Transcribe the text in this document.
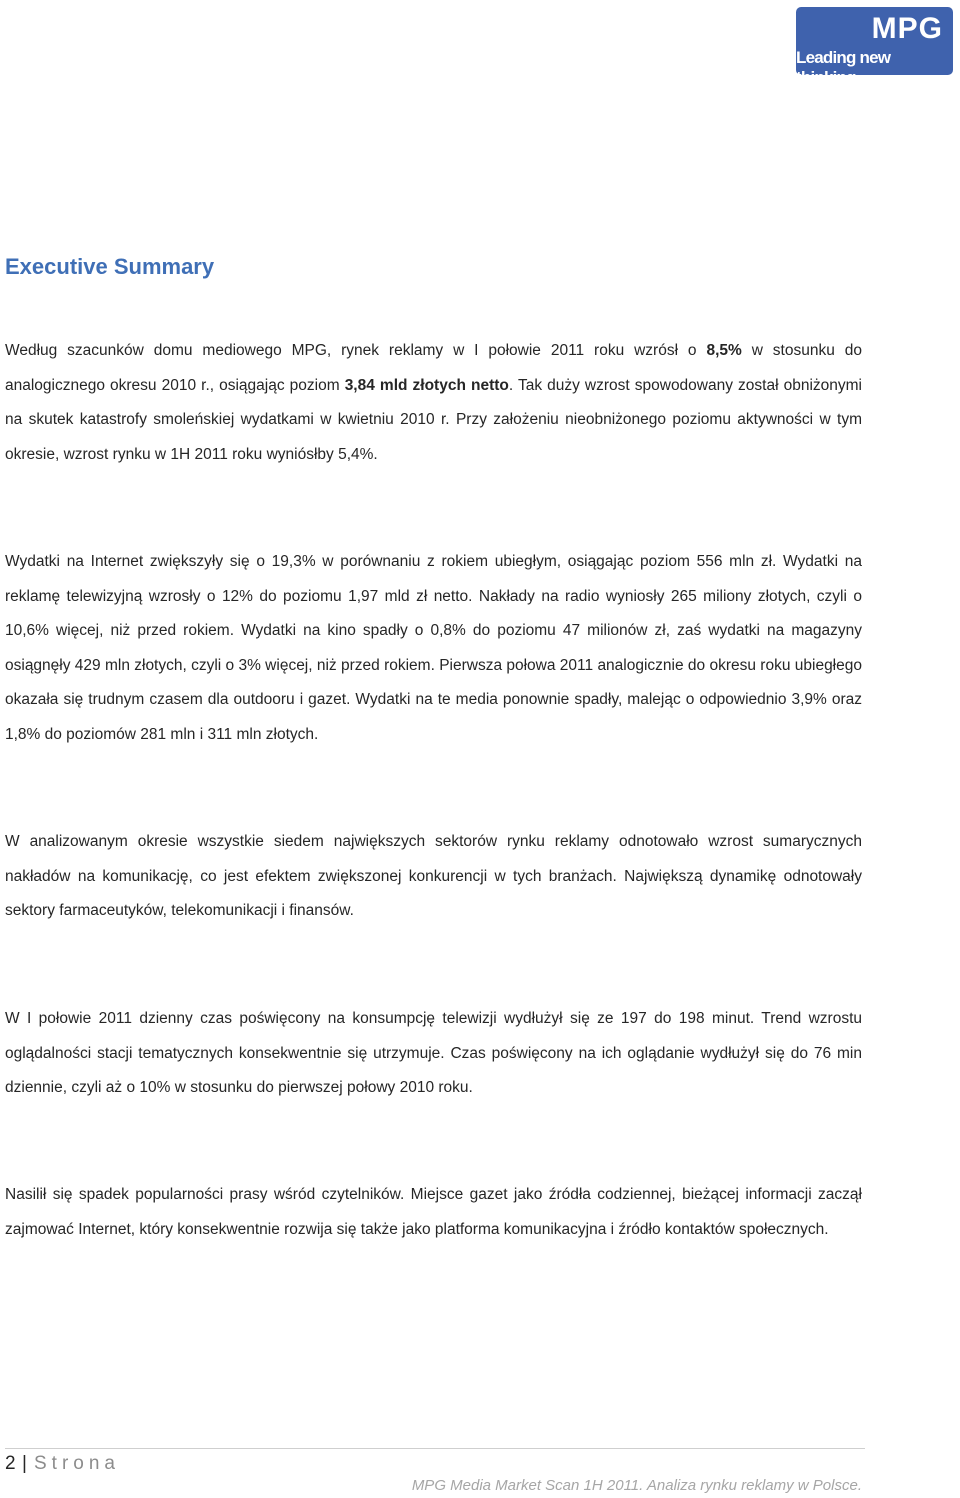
MPG
Leading new thinking.
Executive Summary

Według szacunków domu mediowego MPG, rynek reklamy w I połowie 2011 roku wzrósł o 8,5% w stosunku do analogicznego okresu 2010 r., osiągając poziom 3,84 mld złotych netto. Tak duży wzrost spowodowany został obniżonymi na skutek katastrofy smoleńskiej wydatkami w kwietniu 2010 r. Przy założeniu nieobniżonego poziomu aktywności w tym okresie, wzrost rynku w 1H 2011 roku wyniósłby 5,4%.

Wydatki na Internet zwiększyły się o 19,3% w porównaniu z rokiem ubiegłym, osiągając poziom 556 mln zł. Wydatki na reklamę telewizyjną wzrosły o 12% do poziomu 1,97 mld zł netto. Nakłady na radio wyniosły 265 miliony złotych, czyli o 10,6% więcej, niż przed rokiem. Wydatki na kino spadły o 0,8% do poziomu 47 milionów zł, zaś wydatki na magazyny osiągnęły 429 mln złotych, czyli o 3% więcej, niż przed rokiem. Pierwsza połowa 2011 analogicznie do okresu roku ubiegłego okazała się trudnym czasem dla outdooru i gazet. Wydatki na te media ponownie spadły, malejąc o odpowiednio 3,9% oraz 1,8% do poziomów 281 mln i 311 mln złotych.

W analizowanym okresie wszystkie siedem największych sektorów rynku reklamy odnotowało wzrost sumarycznych nakładów na komunikację, co jest efektem zwiększonej konkurencji w tych branżach. Największą dynamikę odnotowały sektory farmaceutyków, telekomunikacji i finansów.

W I połowie 2011 dzienny czas poświęcony na konsumpcję telewizji wydłużył się ze 197 do 198 minut. Trend wzrostu oglądalności stacji tematycznych konsekwentnie się utrzymuje. Czas poświęcony na ich oglądanie wydłużył się do 76 min dziennie, czyli aż o 10% w stosunku do pierwszej połowy 2010 roku.

Nasilił się spadek popularności prasy wśród czytelników. Miejsce gazet jako źródła codziennej, bieżącej informacji zaczął zajmować Internet, który konsekwentnie rozwija się także jako platforma komunikacyjna i źródło kontaktów społecznych.

2 | Strona
MPG Media Market Scan 1H 2011. Analiza rynku reklamy w Polsce.
